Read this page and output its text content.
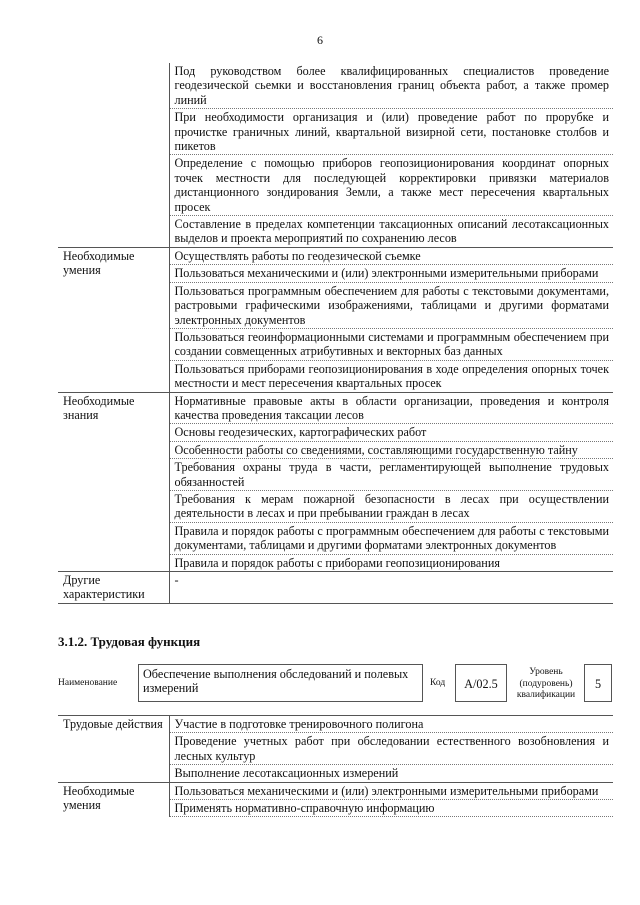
6
	Под руководством более квалифицированных специалистов проведение геодезической сьемки и восстановления границ объекта работ, а также промер линий
	При необходимости организация и (или) проведение работ по прорубке и прочистке граничных линий, квартальной визирной сети, постановке столбов и пикетов
	Определение с помощью приборов геопозиционирования координат опорных точек местности для последующей корректировки привязки материалов дистанционного зондирования Земли, а также мест пересечения квартальных просек
	Составление в пределах компетенции таксационных описаний лесотаксационных выделов и проекта мероприятий по сохранению лесов
Необходимые умения	Осуществлять работы по геодезической съемке
	Пользоваться механическими и (или) электронными измерительными приборами
	Пользоваться программным обеспечением для работы с текстовыми документами, растровыми графическими изображениями, таблицами и другими форматами электронных документов
	Пользоваться геоинформационными системами и программным обеспечением при создании совмещенных атрибутивных и векторных баз данных
	Пользоваться приборами геопозиционирования в ходе определения опорных точек местности и мест пересечения квартальных просек
Необходимые знания	Нормативные правовые акты в области организации, проведения и контроля качества проведения таксации лесов
	Основы геодезических, картографических работ
	Особенности работы со сведениями, составляющими государственную тайну
	Требования охраны труда в части, регламентирующей выполнение трудовых обязанностей
	Требования к мерам пожарной безопасности в лесах при осуществлении деятельности в лесах и при пребывании граждан в лесах
	Правила и порядок работы с программным обеспечением для работы с текстовыми документами, таблицами и другими форматами электронных документов
	Правила и порядок работы с приборами геопозиционирования
Другие характеристики	-
3.1.2. Трудовая функция
Наименование
Обеспечение выполнения обследований и полевых измерений	Код	А/02.5
Уровень (подуровень) квалификации
5
Трудовые действия	Участие в подготовке тренировочного полигона
	Проведение учетных работ при обследовании естественного возобновления и лесных культур
	Выполнение лесотаксационных измерений
Необходимые умения	Пользоваться механическими и (или) электронными измерительными приборами
	Применять нормативно-справочную информацию
